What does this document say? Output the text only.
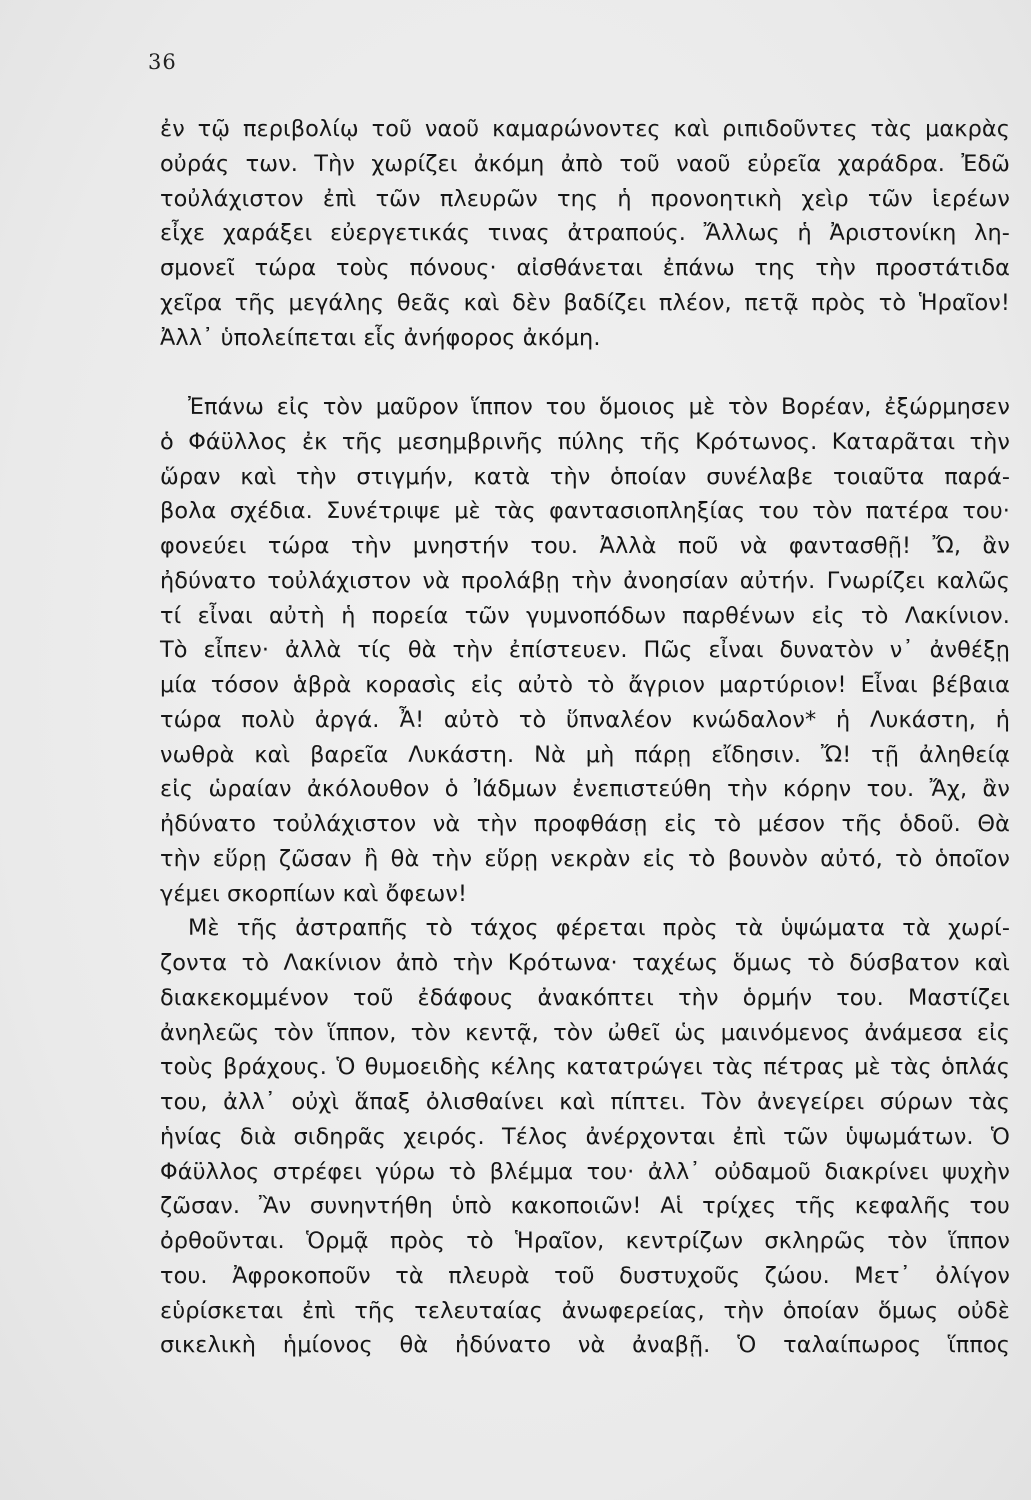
36
ἐν τῷ περιβολίῳ τοῦ ναοῦ καμαρώνοντες καὶ ριπιδοῦντες τὰς μακρὰς
οὐράς των. Τὴν χωρίζει ἀκόμη ἀπὸ τοῦ ναοῦ εὐρεῖα χαράδρα. Ἐδῶ
τοὐλάχιστον ἐπὶ τῶν πλευρῶν της ἡ προνοητικὴ χεὶρ τῶν ἱερέων
εἶχε χαράξει εὐεργετικάς τινας ἀτραπούς. Ἄλλως ἡ Ἀριστονίκη λη-
σμονεῖ τώρα τοὺς πόνους· αἰσθάνεται ἐπάνω της τὴν προστάτιδα
χεῖρα τῆς μεγάλης θεᾶς καὶ δὲν βαδίζει πλέον, πετᾷ πρὸς τὸ Ἡραῖον!
Ἀλλ᾽ ὑπολείπεται εἷς ἀνήφορος ἀκόμη.
Ἐπάνω εἰς τὸν μαῦρον ἵππον του ὅμοιος μὲ τὸν Βορέαν, ἐξώρμησεν
ὁ Φάϋλλος ἐκ τῆς μεσημβρινῆς πύλης τῆς Κρότωνος. Καταρᾶται τὴν
ὥραν καὶ τὴν στιγμήν, κατὰ τὴν ὁποίαν συνέλαβε τοιαῦτα παρά-
βολα σχέδια. Συνέτριψε μὲ τὰς φαντασιοπληξίας του τὸν πατέρα του·
φονεύει τώρα τὴν μνηστήν του. Ἀλλὰ ποῦ νὰ φαντασθῇ! Ὤ, ἂν
ἠδύνατο τοὐλάχιστον νὰ προλάβῃ τὴν ἀνοησίαν αὐτήν. Γνωρίζει καλῶς
τί εἶναι αὐτὴ ἡ πορεία τῶν γυμνοπόδων παρθένων εἰς τὸ Λακίνιον.
Τὸ εἶπεν· ἀλλὰ τίς θὰ τὴν ἐπίστευεν. Πῶς εἶναι δυνατὸν ν᾽ ἀνθέξῃ
μία τόσον ἁβρὰ κορασὶς εἰς αὐτὸ τὸ ἄγριον μαρτύριον! Εἶναι βέβαια
τώρα πολὺ ἀργά. Ἆ! αὐτὸ τὸ ὕπναλέον κνώδαλον* ἡ Λυκάστη, ἡ
νωθρὰ καὶ βαρεῖα Λυκάστη. Νὰ μὴ πάρῃ εἴδησιν. Ὤ! τῇ ἀληθείᾳ
εἰς ὡραίαν ἀκόλουθον ὁ Ἰάδμων ἐνεπιστεύθη τὴν κόρην του. Ἄχ, ἂν
ἠδύνατο τοὐλάχιστον νὰ τὴν προφθάσῃ εἰς τὸ μέσον τῆς ὁδοῦ. Θὰ
τὴν εὕρῃ ζῶσαν ἢ θὰ τὴν εὕρῃ νεκρὰν εἰς τὸ βουνὸν αὐτό, τὸ ὁποῖον
γέμει σκορπίων καὶ ὄφεων!
Μὲ τῆς ἀστραπῆς τὸ τάχος φέρεται πρὸς τὰ ὑψώματα τὰ χωρί-
ζοντα τὸ Λακίνιον ἀπὸ τὴν Κρότωνα· ταχέως ὅμως τὸ δύσβατον καὶ
διακεκομμένον τοῦ ἐδάφους ἀνακόπτει τὴν ὁρμήν του. Μαστίζει
ἀνηλεῶς τὸν ἵππον, τὸν κεντᾷ, τὸν ὠθεῖ ὡς μαινόμενος ἀνάμεσα εἰς
τοὺς βράχους. Ὁ θυμοειδὴς κέλης κατατρώγει τὰς πέτρας μὲ τὰς ὁπλάς
του, ἀλλ᾽ οὐχὶ ἅπαξ ὀλισθαίνει καὶ πίπτει. Τὸν ἀνεγείρει σύρων τὰς
ἡνίας διὰ σιδηρᾶς χειρός. Τέλος ἀνέρχονται ἐπὶ τῶν ὑψωμάτων. Ὁ
Φάϋλλος στρέφει γύρω τὸ βλέμμα του· ἀλλ᾽ οὐδαμοῦ διακρίνει ψυχὴν
ζῶσαν. Ἂν συνηντήθη ὑπὸ κακοποιῶν! Αἱ τρίχες τῆς κεφαλῆς του
ὀρθοῦνται. Ὁρμᾷ πρὸς τὸ Ἡραῖον, κεντρίζων σκληρῶς τὸν ἵππον
του. Ἀφροκοποῦν τὰ πλευρὰ τοῦ δυστυχοῦς ζώου. Μετ᾽ ὀλίγον
εὑρίσκεται ἐπὶ τῆς τελευταίας ἀνωφερείας, τὴν ὁποίαν ὅμως οὐδὲ
σικελικὴ ἡμίονος θὰ ἠδύνατο νὰ ἀναβῇ. Ὁ ταλαίπωρος ἵππος
